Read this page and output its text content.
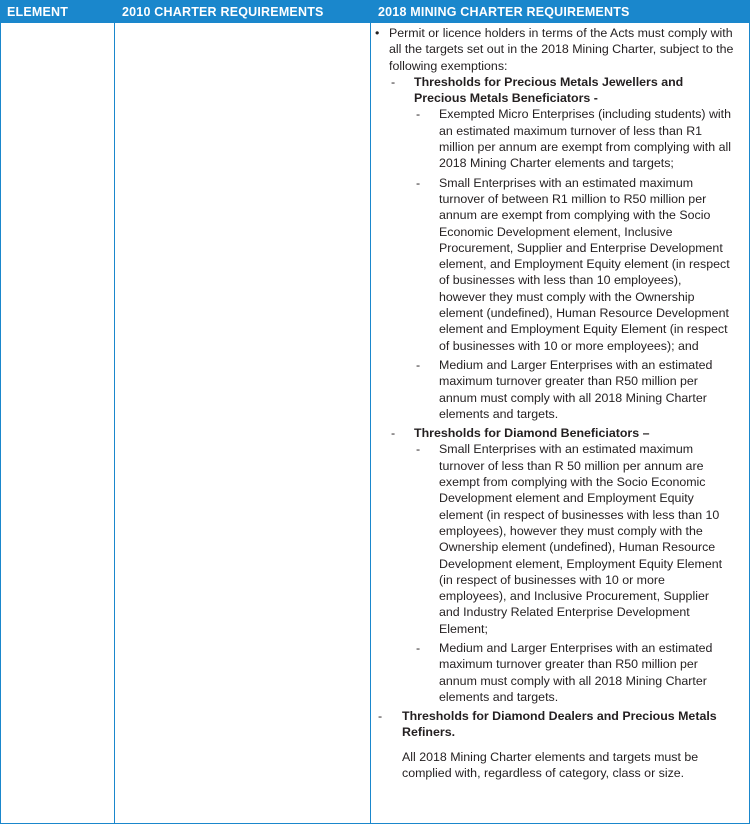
ELEMENT	2010 CHARTER REQUIREMENTS	2018 MINING CHARTER REQUIREMENTS
• Permit or licence holders in terms of the Acts must comply with all the targets set out in the 2018 Mining Charter, subject to the following exemptions:
- Thresholds for Precious Metals Jewellers and Precious Metals Beneficiators -
- Exempted Micro Enterprises (including students) with an estimated maximum turnover of less than R1 million per annum are exempt from complying with all 2018 Mining Charter elements and targets;
- Small Enterprises with an estimated maximum turnover of between R1 million to R50 million per annum are exempt from complying with the Socio Economic Development element, Inclusive Procurement, Supplier and Enterprise Development element, and Employment Equity element (in respect of businesses with less than 10 employees), however they must comply with the Ownership element (undefined), Human Resource Development element and Employment Equity Element (in respect of businesses with 10 or more employees); and
- Medium and Larger Enterprises with an estimated maximum turnover greater than R50 million per annum must comply with all 2018 Mining Charter elements and targets.
- Thresholds for Diamond Beneficiators –
- Small Enterprises with an estimated maximum turnover of less than R 50 million per annum are exempt from complying with the Socio Economic Development element and Employment Equity element (in respect of businesses with less than 10 employees), however they must comply with the Ownership element (undefined), Human Resource Development element, Employment Equity Element (in respect of businesses with 10 or more employees), and Inclusive Procurement, Supplier and Industry Related Enterprise Development Element;
- Medium and Larger Enterprises with an estimated maximum turnover greater than R50 million per annum must comply with all 2018 Mining Charter elements and targets.
- Thresholds for Diamond Dealers and Precious Metals Refiners.
All 2018 Mining Charter elements and targets must be complied with, regardless of category, class or size.
